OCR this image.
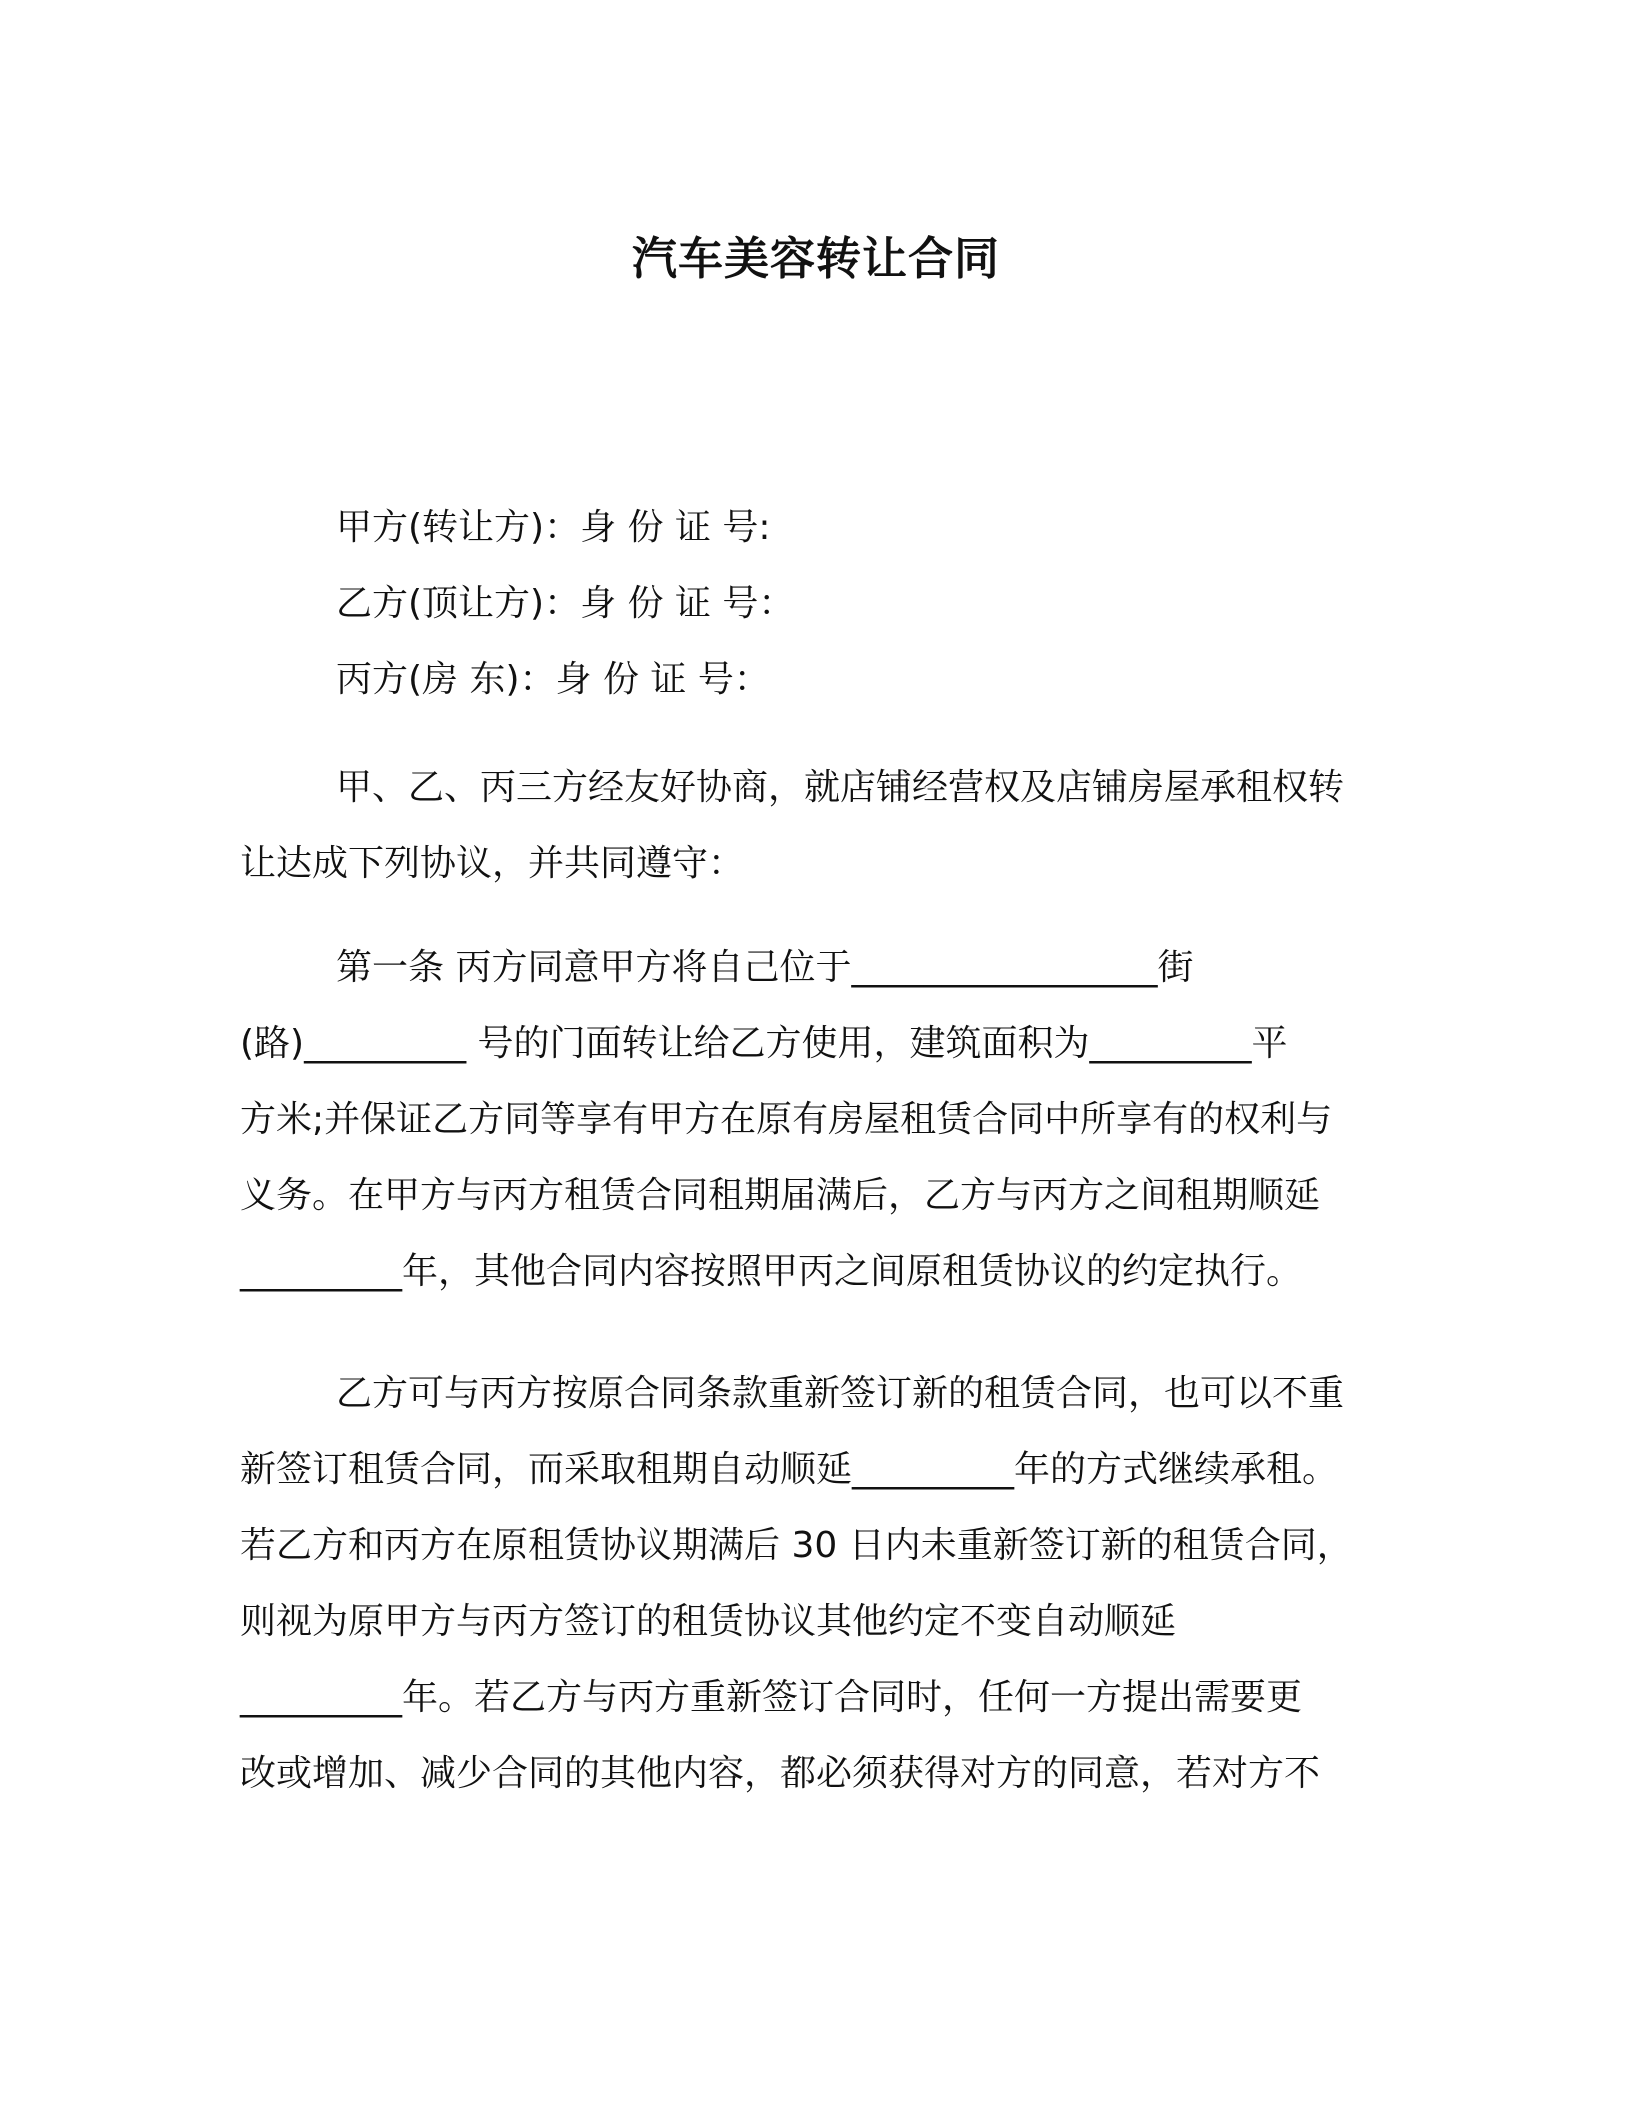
汽车美容转让合同
甲方(转让方)：身 份 证 号:
乙方(顶让方)：身 份 证 号：
丙方(房 东)：身 份 证 号：
甲、乙、丙三方经友好协商，就店铺经营权及店铺房屋承租权转
让达成下列协议，并共同遵守：
第一条 丙方同意甲方将自己位于_________________街
(路)_________ 号的门面转让给乙方使用，建筑面积为_________平
方米;并保证乙方同等享有甲方在原有房屋租赁合同中所享有的权利与
义务。在甲方与丙方租赁合同租期届满后，乙方与丙方之间租期顺延
_________年，其他合同内容按照甲丙之间原租赁协议的约定执行。
乙方可与丙方按原合同条款重新签订新的租赁合同，也可以不重
新签订租赁合同，而采取租期自动顺延_________年的方式继续承租。
若乙方和丙方在原租赁协议期满后 30 日内未重新签订新的租赁合同，
则视为原甲方与丙方签订的租赁协议其他约定不变自动顺延
_________年。若乙方与丙方重新签订合同时，任何一方提出需要更
改或增加、减少合同的其他内容，都必须获得对方的同意，若对方不
